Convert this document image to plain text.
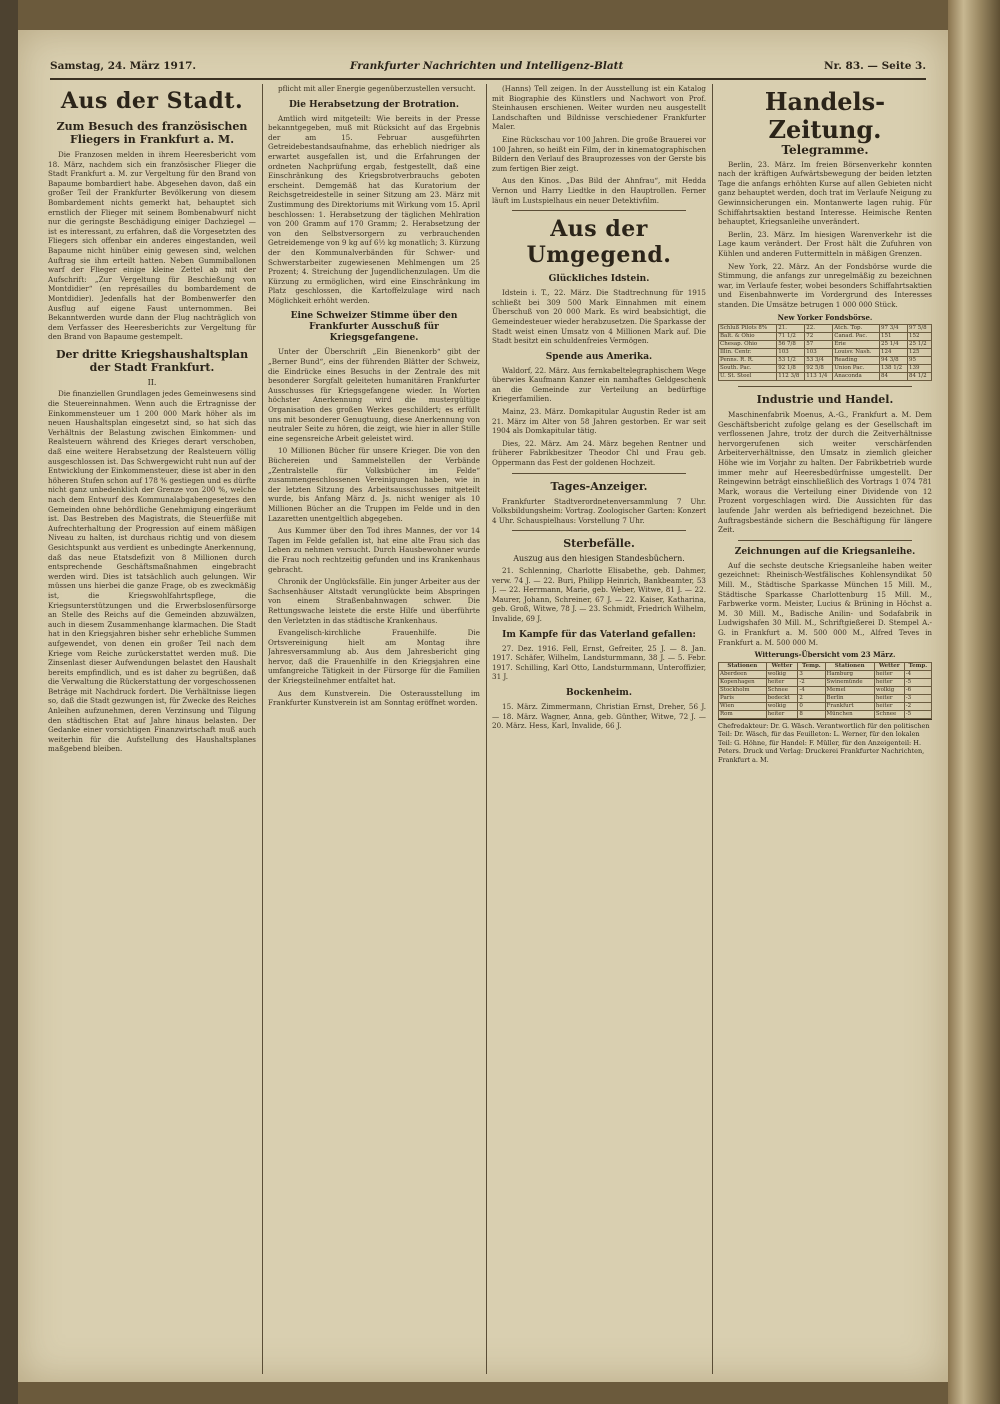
Samstag, 24. März 1917.	Frankfurter Nachrichten und Intelligenz-Blatt	Nr. 83. — Seite 3.
Aus der Stadt.
Zum Besuch des französischen Fliegers in Frankfurt a. M.

Die Franzosen melden in ihrem Heeresbericht vom 18. März, nachdem sich ein französischer Flieger die Stadt Frankfurt a. M. zur Vergeltung für den Brand von Bapaume bombardiert habe. Abgesehen davon, daß ein großer Teil der Frankfurter Bevölkerung von diesem Bombardement nichts gemerkt hat, behauptet sich ernstlich der Flieger mit seinem Bombenabwurf nicht nur die geringste Beschädigung einiger Dachziegel — ist es interessant, zu erfahren, daß die Vorgesetzten des Fliegers sich offenbar ein anderes eingestanden, weil Bapaume nicht hinüber einig gewesen sind, welchen Auftrag sie ihm erteilt hatten. Neben Gummiballonen warf der Flieger einige kleine Zettel ab mit der Aufschrift: „Zur Vergeltung für Beschießung von Montdidier“ (en représailles du bombardement de Montdidier). Jedenfalls hat der Bombenwerfer den Ausflug auf eigene Faust unternommen. Bei Bekanntwerden wurde dann der Flug nachträglich von dem Verfasser des Heeresberichts zur Vergeltung für den Brand von Bapaume gestempelt.

Der dritte Kriegshaushaltsplan der Stadt Frankfurt.
II.

Die finanziellen Grundlagen jedes Gemeinwesens sind die Steuereinnahmen. Wenn auch die Ertragnisse der Einkommensteuer um 1 200 000 Mark höher als im neuen Haushaltsplan eingesetzt sind, so hat sich das Verhältnis der Belastung zwischen Einkommen- und Realsteuern während des Krieges derart verschoben, daß eine weitere Herabsetzung der Realsteuern völlig ausgeschlossen ist. Das Schwergewicht ruht nun auf der Entwicklung der Einkommensteuer, diese ist aber in den höheren Stufen schon auf 178 % gestiegen und es dürfte nicht ganz unbedenklich der Grenze von 200 %, welche nach dem Entwurf des Kommunalabgabengesetzes den Gemeinden ohne behördliche Genehmigung eingeräumt ist. Das Bestreben des Magistrats, die Steuerfüße mit Aufrechterhaltung der Progression auf einem mäßigen Niveau zu halten, ist durchaus richtig und von diesem Gesichtspunkt aus verdient es unbedingte Anerkennung, daß das neue Etatsdefizit von 8 Millionen durch entsprechende Geschäftsmaßnahmen eingebracht werden wird. Dies ist tatsächlich auch gelungen. Wir müssen uns hierbei die ganze Frage, ob es zweckmäßig ist, die Kriegswohlfahrtspflege, die Kriegsunterstützungen und die Erwerbslosenfürsorge an Stelle des Reichs auf die Gemeinden abzuwälzen, auch in diesem Zusammenhange klarmachen. Die Stadt hat in den Kriegsjahren bisher sehr erhebliche Summen aufgewendet, von denen ein großer Teil nach dem Kriege vom Reiche zurückerstattet werden muß. Die Zinsenlast dieser Aufwendungen belastet den Haushalt bereits empfindlich, und es ist daher zu begrüßen, daß die Verwaltung die Rückerstattung der vorgeschossenen Beträge mit Nachdruck fordert. Die Verhältnisse liegen so, daß die Stadt gezwungen ist, für Zwecke des Reiches Anleihen aufzunehmen, deren Verzinsung und Tilgung den städtischen Etat auf Jahre hinaus belasten. Der Gedanke einer vorsichtigen Finanzwirtschaft muß auch weiterhin für die Aufstellung des Haushaltsplanes maßgebend bleiben.

pflicht mit aller Energie gegenüberzustellen versucht.

Die Herabsetzung der Brotration.

Amtlich wird mitgeteilt: Wie bereits in der Presse bekanntgegeben, muß mit Rücksicht auf das Ergebnis der am 15. Februar ausgeführten Getreidebestandsaufnahme, das erheblich niedriger als erwartet ausgefallen ist, und die Erfahrungen der ordneten Nachprüfung ergab, festgestellt, daß eine Einschränkung des Kriegsbrotverbrauchs geboten erscheint. Demgemäß hat das Kuratorium der Reichsgetreidestelle in seiner Sitzung am 23. März mit Zustimmung des Direktoriums mit Wirkung vom 15. April beschlossen: 1. Herabsetzung der täglichen Mehlration von 200 Gramm auf 170 Gramm; 2. Herabsetzung der von den Selbstversorgern zu verbrauchenden Getreidemenge von 9 kg auf 6½ kg monatlich; 3. Kürzung der den Kommunalverbänden für Schwer- und Schwerstarbeiter zugewiesenen Mehlmengen um 25 Prozent; 4. Streichung der Jugendlichenzulagen. Um die Kürzung zu ermöglichen, wird eine Einschränkung im Platz geschlossen, die Kartoffelzulage wird nach Möglichkeit erhöht werden.

Eine Schweizer Stimme über den Frankfurter Ausschuß für Kriegsgefangene.

Unter der Überschrift „Ein Bienenkorb“ gibt der „Berner Bund“, eins der führenden Blätter der Schweiz, die Eindrücke eines Besuchs in der Zentrale des mit besonderer Sorgfalt geleiteten humanitären Frankfurter Ausschusses für Kriegsgefangene wieder. In Worten höchster Anerkennung wird die mustergültige Organisation des großen Werkes geschildert; es erfüllt uns mit besonderer Genugtuung, diese Anerkennung von neutraler Seite zu hören, die zeigt, wie hier in aller Stille eine segensreiche Arbeit geleistet wird.

10 Millionen Bücher für unsere Krieger. Die von den Büchereien und Sammelstellen der Verbände „Zentralstelle für Volksbücher im Felde“ zusammengeschlossenen Vereinigungen haben, wie in der letzten Sitzung des Arbeitsausschusses mitgeteilt wurde, bis Anfang März d. Js. nicht weniger als 10 Millionen Bücher an die Truppen im Felde und in den Lazaretten unentgeltlich abgegeben.

Aus Kummer über den Tod ihres Mannes, der vor 14 Tagen im Felde gefallen ist, hat eine alte Frau sich das Leben zu nehmen versucht. Durch Hausbewohner wurde die Frau noch rechtzeitig gefunden und ins Krankenhaus gebracht.

Chronik der Unglücksfälle. Ein junger Arbeiter aus der Sachsenhäuser Altstadt verunglückte beim Abspringen von einem Straßenbahnwagen schwer. Die Rettungswache leistete die erste Hilfe und überführte den Verletzten in das städtische Krankenhaus.

Evangelisch-kirchliche Frauenhilfe. Die Ortsvereinigung hielt am Montag ihre Jahresversammlung ab. Aus dem Jahresbericht ging hervor, daß die Frauenhilfe in den Kriegsjahren eine umfangreiche Tätigkeit in der Fürsorge für die Familien der Kriegsteilnehmer entfaltet hat.

Aus dem Kunstverein. Die Osterausstellung im Frankfurter Kunstverein ist am Sonntag eröffnet worden.

(Hanns) Tell zeigen. In der Ausstellung ist ein Katalog mit Biographie des Künstlers und Nachwort von Prof. Steinhausen erschienen. Weiter wurden neu ausgestellt Landschaften und Bildnisse verschiedener Frankfurter Maler.

Eine Rückschau vor 100 Jahren. Die große Brauerei vor 100 Jahren, so heißt ein Film, der in kinematographischen Bildern den Verlauf des Brauprozesses von der Gerste bis zum fertigen Bier zeigt.

Aus den Kinos. „Das Bild der Ahnfrau“, mit Hedda Vernon und Harry Liedtke in den Hauptrollen. Ferner läuft im Lustspielhaus ein neuer Detektivfilm.

Aus der Umgegend.
Glückliches Idstein.

Idstein i. T., 22. März. Die Stadtrechnung für 1915 schließt bei 309 500 Mark Einnahmen mit einem Überschuß von 20 000 Mark. Es wird beabsichtigt, die Gemeindesteuer wieder herabzusetzen. Die Sparkasse der Stadt weist einen Umsatz von 4 Millionen Mark auf. Die Stadt besitzt ein schuldenfreies Vermögen.

Spende aus Amerika.

Waldorf, 22. März. Aus fernkabeltelegraphischem Wege überwies Kaufmann Kanzer ein namhaftes Geldgeschenk an die Gemeinde zur Verteilung an bedürftige Kriegerfamilien.

Mainz, 23. März. Domkapitular Augustin Reder ist am 21. März im Alter von 58 Jahren gestorben. Er war seit 1904 als Domkapitular tätig.

Dies, 22. März. Am 24. März begehen Rentner und früherer Fabrikbesitzer Theodor Chl und Frau geb. Oppermann das Fest der goldenen Hochzeit.

Tages-Anzeiger.

Frankfurter Stadtverordnetenversammlung 7 Uhr. Volksbildungsheim: Vortrag. Zoologischer Garten: Konzert 4 Uhr. Schauspielhaus: Vorstellung 7 Uhr.

Sterbefälle.
Auszug aus den hiesigen Standesbüchern.

21. Schlenning, Charlotte Elisabethe, geb. Dahmer, verw. 74 J. — 22. Buri, Philipp Heinrich, Bankbeamter, 53 J. — 22. Herrmann, Marie, geb. Weber, Witwe, 81 J. — 22. Maurer, Johann, Schreiner, 67 J. — 22. Kaiser, Katharina, geb. Groß, Witwe, 78 J. — 23. Schmidt, Friedrich Wilhelm, Invalide, 69 J.

Im Kampfe für das Vaterland gefallen:

27. Dez. 1916. Fell, Ernst, Gefreiter, 25 J. — 8. Jan. 1917. Schäfer, Wilhelm, Landsturmmann, 38 J. — 5. Febr. 1917. Schilling, Karl Otto, Landsturmmann, Unteroffizier, 31 J.

Bockenheim.

15. März. Zimmermann, Christian Ernst, Dreher, 56 J. — 18. März. Wagner, Anna, geb. Günther, Witwe, 72 J. — 20. März. Hess, Karl, Invalide, 66 J.

Handels-Zeitung.
Telegramme.

Berlin, 23. März. Im freien Börsenverkehr konnten nach der kräftigen Aufwärtsbewegung der beiden letzten Tage die anfangs erhöhten Kurse auf allen Gebieten nicht ganz behauptet werden, doch trat im Verlaufe Neigung zu Gewinnsicherungen ein. Montanwerte lagen ruhig. Für Schiffahrtsaktien bestand Interesse. Heimische Renten behauptet, Kriegsanleihe unverändert.

Berlin, 23. März. Im hiesigen Warenverkehr ist die Lage kaum verändert. Der Frost hält die Zufuhren von Kühlen und anderen Futtermitteln in mäßigen Grenzen.

New York, 22. März. An der Fondsbörse wurde die Stimmung, die anfangs zur unregelmäßig zu bezeichnen war, im Verlaufe fester, wobei besonders Schiffahrtsaktien und Eisenbahnwerte im Vordergrund des Interesses standen. Die Umsätze betrugen 1 000 000 Stück.

New Yorker Fondsbörse.
Schluß Pilots 8%	21.	22.	Atch. Top.	97 3/4	97 5/8
Balt. & Ohio	71 1/2	72	Canad. Pac.	151	152
Chesap. Ohio	56 7/8	57	Erie	25 1/4	25 1/2
Illin. Centr.	103	103	Louisv. Nash.	124	125
Penns. R. R.	53 1/2	53 3/4	Reading	94 3/8	95
South. Pac.	92 1/8	92 5/8	Union Pac.	138 1/2	139
U. St. Steel	112 3/8	113 1/4	Anaconda	84	84 1/2
Industrie und Handel.

Maschinenfabrik Moenus, A.-G., Frankfurt a. M. Dem Geschäftsbericht zufolge gelang es der Gesellschaft im verflossenen Jahre, trotz der durch die Zeitverhältnisse hervorgerufenen sich weiter verschärfenden Arbeiterverhältnisse, den Umsatz in ziemlich gleicher Höhe wie im Vorjahr zu halten. Der Fabrikbetrieb wurde immer mehr auf Heeresbedürfnisse umgestellt. Der Reingewinn beträgt einschließlich des Vortrags 1 074 781 Mark, woraus die Verteilung einer Dividende von 12 Prozent vorgeschlagen wird. Die Aussichten für das laufende Jahr werden als befriedigend bezeichnet. Die Auftragsbestände sichern die Beschäftigung für längere Zeit.

Zeichnungen auf die Kriegsanleihe.

Auf die sechste deutsche Kriegsanleihe haben weiter gezeichnet: Rheinisch-Westfälisches Kohlensyndikat 50 Mill. M., Städtische Sparkasse München 15 Mill. M., Städtische Sparkasse Charlottenburg 15 Mill. M., Farbwerke vorm. Meister, Lucius & Brüning in Höchst a. M. 30 Mill. M., Badische Anilin- und Sodafabrik in Ludwigshafen 30 Mill. M., Schriftgießerei D. Stempel A.-G. in Frankfurt a. M. 500 000 M., Alfred Teves in Frankfurt a. M. 500 000 M.

Witterungs-Übersicht vom 23 März.
Stationen	Wetter	Temp.	Stationen	Wetter	Temp.
Aberdeen	wolkig	3	Hamburg	heiter	-4
Kopenhagen	heiter	-2	Swinemünde	heiter	-5
Stockholm	Schnee	-4	Memel	wolkig	-6
Paris	bedeckt	2	Berlin	heiter	-3
Wien	wolkig	0	Frankfurt	heiter	-2
Rom	heiter	8	München	Schnee	-5
Chefredakteur: Dr. G. Wäsch. Verantwortlich für den politischen Teil: Dr. Wäsch, für das Feuilleton: L. Werner, für den lokalen Teil: G. Höhne, für Handel: F. Müller, für den Anzeigenteil: H. Peters. Druck und Verlag: Druckerei Frankfurter Nachrichten, Frankfurt a. M.
